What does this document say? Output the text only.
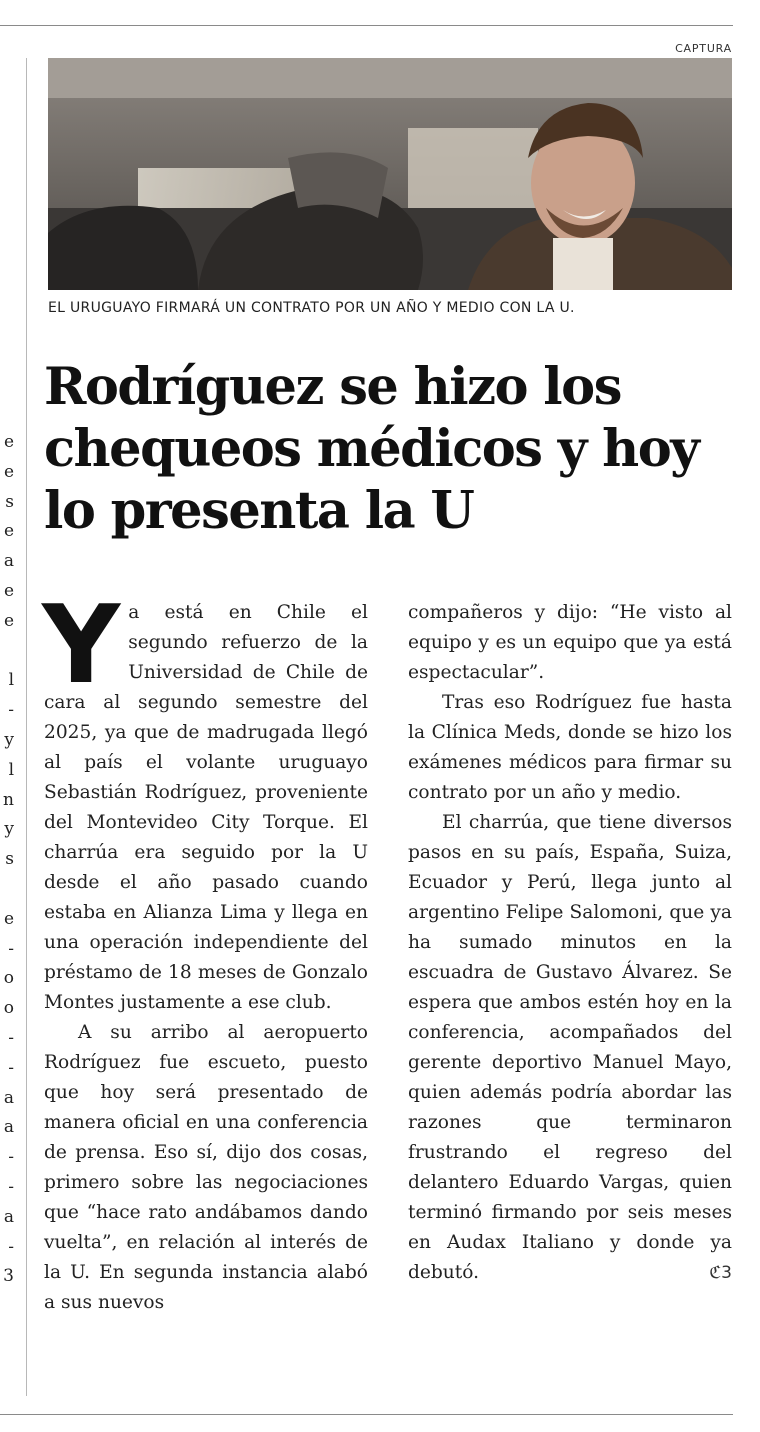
e
e
s
e
a
e
e
l
-
y
l
n
y
s
e
-
o
o
-
-
a
a
-
-
a
-
3
CAPTURA
EL URUGUAYO FIRMARÁ UN CONTRATO POR UN AÑO Y MEDIO CON LA U.
Rodríguez se hizo los chequeos médicos y hoy lo presenta la U

Ya está en Chile el segundo refuerzo de la Universidad de Chile de cara al segundo semestre del 2025, ya que de madrugada llegó al país el volante uruguayo Sebastián Rodríguez, proveniente del Montevideo City Torque. El charrúa era seguido por la U desde el año pasado cuando estaba en Alianza Lima y llega en una operación independiente del préstamo de 18 meses de Gonzalo Montes justamente a ese club.

A su arribo al aeropuerto Rodríguez fue escueto, puesto que hoy será presentado de manera oficial en una conferencia de prensa. Eso sí, dijo dos cosas, primero sobre las negociaciones que “hace rato andábamos dando vuelta”, en relación al interés de la U. En segunda instancia alabó a sus nuevos

compañeros y dijo: “He visto al equipo y es un equipo que ya está espectacular”.

Tras eso Rodríguez fue hasta la Clínica Meds, donde se hizo los exámenes médicos para firmar su contrato por un año y medio.

El charrúa, que tiene diversos pasos en su país, España, Suiza, Ecuador y Perú, llega junto al argentino Felipe Salomoni, que ya ha sumado minutos en la escuadra de Gustavo Álvarez. Se espera que ambos estén hoy en la conferencia, acompañados del gerente deportivo Manuel Mayo, quien además podría abordar las razones que terminaron frustrando el regreso del delantero Eduardo Vargas, quien terminó firmando por seis meses en Audax Italiano y donde ya debutó.	ℭ3
